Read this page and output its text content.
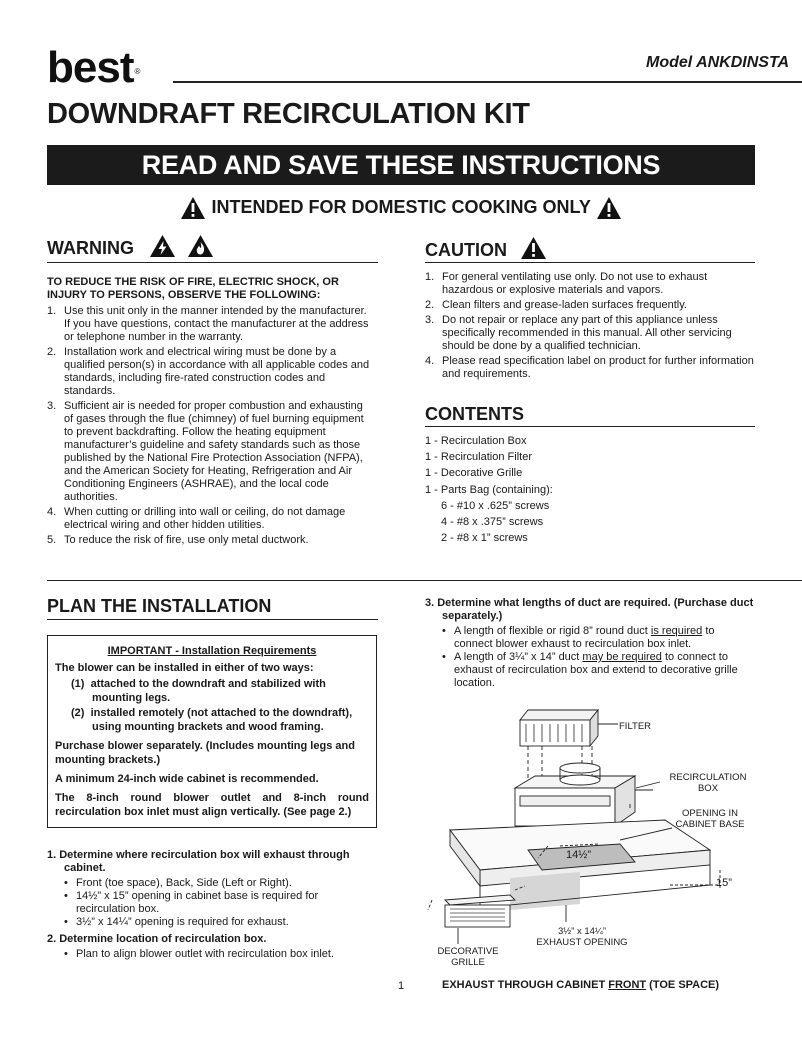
best®
Model ANKDINSTA
DOWNDRAFT RECIRCULATION KIT
READ AND SAVE THESE INSTRUCTIONS
INTENDED FOR DOMESTIC COOKING ONLY
WARNING
TO REDUCE THE RISK OF FIRE, ELECTRIC SHOCK, OR INJURY TO PERSONS, OBSERVE THE FOLLOWING:
1. Use this unit only in the manner intended by the manufacturer. If you have questions, contact the manufacturer at the address or telephone number in the warranty.
2. Installation work and electrical wiring must be done by a qualified person(s) in accordance with all applicable codes and standards, including fire-rated construction codes and standards.
3. Sufficient air is needed for proper combustion and exhausting of gases through the flue (chimney) of fuel burning equipment to prevent backdrafting. Follow the heating equipment manufacturer’s guideline and safety standards such as those published by the National Fire Protection Association (NFPA), and the American Society for Heating, Refrigeration and Air Conditioning Engineers (ASHRAE), and the local code authorities.
4. When cutting or drilling into wall or ceiling, do not damage electrical wiring and other hidden utilities.
5. To reduce the risk of fire, use only metal ductwork.
CAUTION
1. For general ventilating use only. Do not use to exhaust hazardous or explosive materials and vapors.
2. Clean filters and grease-laden surfaces frequently.
3. Do not repair or replace any part of this appliance unless specifically recommended in this manual. All other servicing should be done by a qualified technician.
4. Please read specification label on product for further information and requirements.
CONTENTS
1 - Recirculation Box
1 - Recirculation Filter
1 - Decorative Grille
1 - Parts Bag (containing):
6 - #10 x .625” screws
4 - #8 x .375” screws
2 - #8 x 1” screws
PLAN THE INSTALLATION
IMPORTANT - Installation Requirements

The blower can be installed in either of two ways:

(1) attached to the downdraft and stabilized with mounting legs.

(2) installed remotely (not attached to the downdraft), using mounting brackets and wood framing.

Purchase blower separately. (Includes mounting legs and mounting brackets.)

A minimum 24-inch wide cabinet is recommended.

The 8-inch round blower outlet and 8-inch round recirculation box inlet must align vertically. (See page 2.)

1. Determine where recirculation box will exhaust through cabinet.
• Front (toe space), Back, Side (Left or Right).
• 14½” x 15” opening in cabinet base is required for recirculation box.
• 3½” x 14¼” opening is required for exhaust.
2. Determine location of recirculation box.
• Plan to align blower outlet with recirculation box inlet.
3. Determine what lengths of duct are required. (Purchase duct separately.)
• A length of flexible or rigid 8” round duct is required to connect blower exhaust to recirculation box inlet.
• A length of 3¼” x 14” duct may be required to connect to exhaust of recirculation box and extend to decorative grille location.
FILTER
RECIRCULATION
BOX
OPENING IN
CABINET BASE
14½”
15”
3½” x 14¼”
EXHAUST OPENING
DECORATIVE
GRILLE
EXHAUST THROUGH CABINET FRONT (TOE SPACE)
1
